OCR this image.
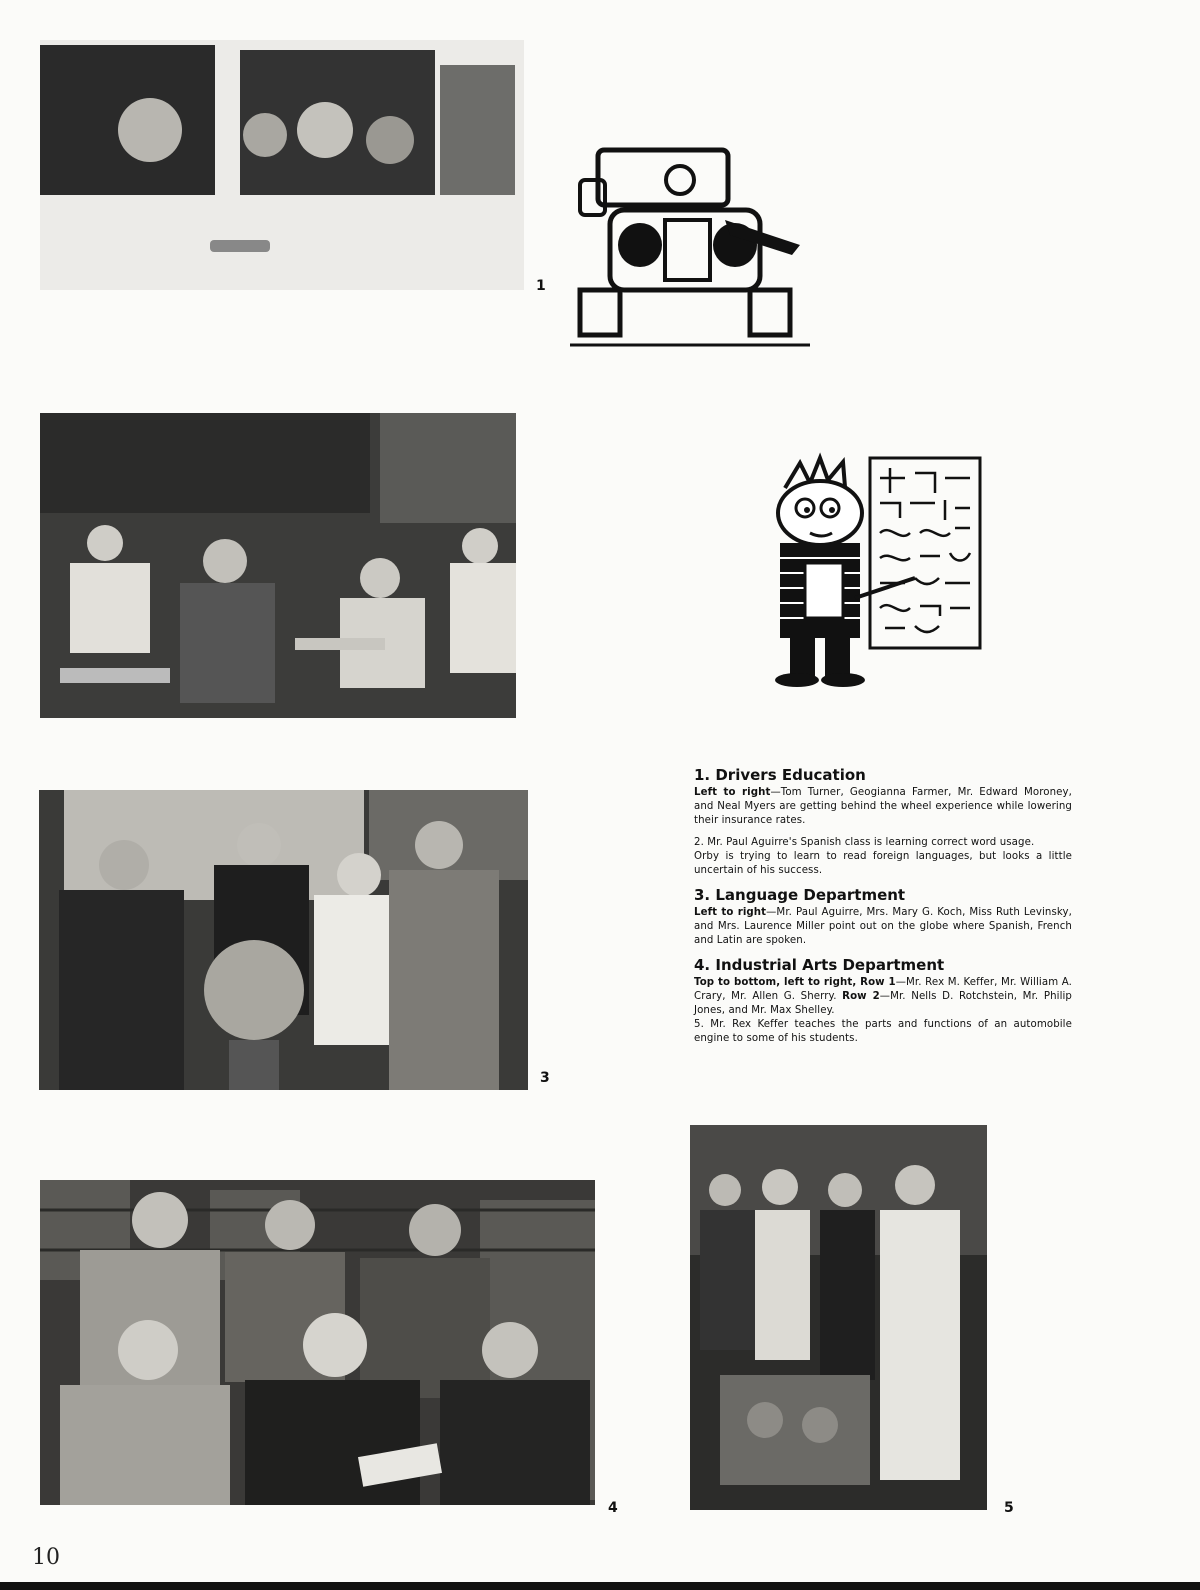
1
3
1. Drivers Education

Left to right—Tom Turner, Geogianna Farmer, Mr. Edward Moroney, and Neal Myers are getting behind the wheel experience while lowering their insurance rates.

2. Mr. Paul Aguirre's Spanish class is learning correct word usage.

Orby is trying to learn to read foreign languages, but looks a little uncertain of his success.

3. Language Department

Left to right—Mr. Paul Aguirre, Mrs. Mary G. Koch, Miss Ruth Levinsky, and Mrs. Laurence Miller point out on the globe where Spanish, French and Latin are spoken.

4. Industrial Arts Department

Top to bottom, left to right, Row 1—Mr. Rex M. Keffer, Mr. William A. Crary, Mr. Allen G. Sherry. Row 2—Mr. Nells D. Rotchstein, Mr. Philip Jones, and Mr. Max Shelley.

5. Mr. Rex Keffer teaches the parts and functions of an automobile engine to some of his students.

5
4
10
